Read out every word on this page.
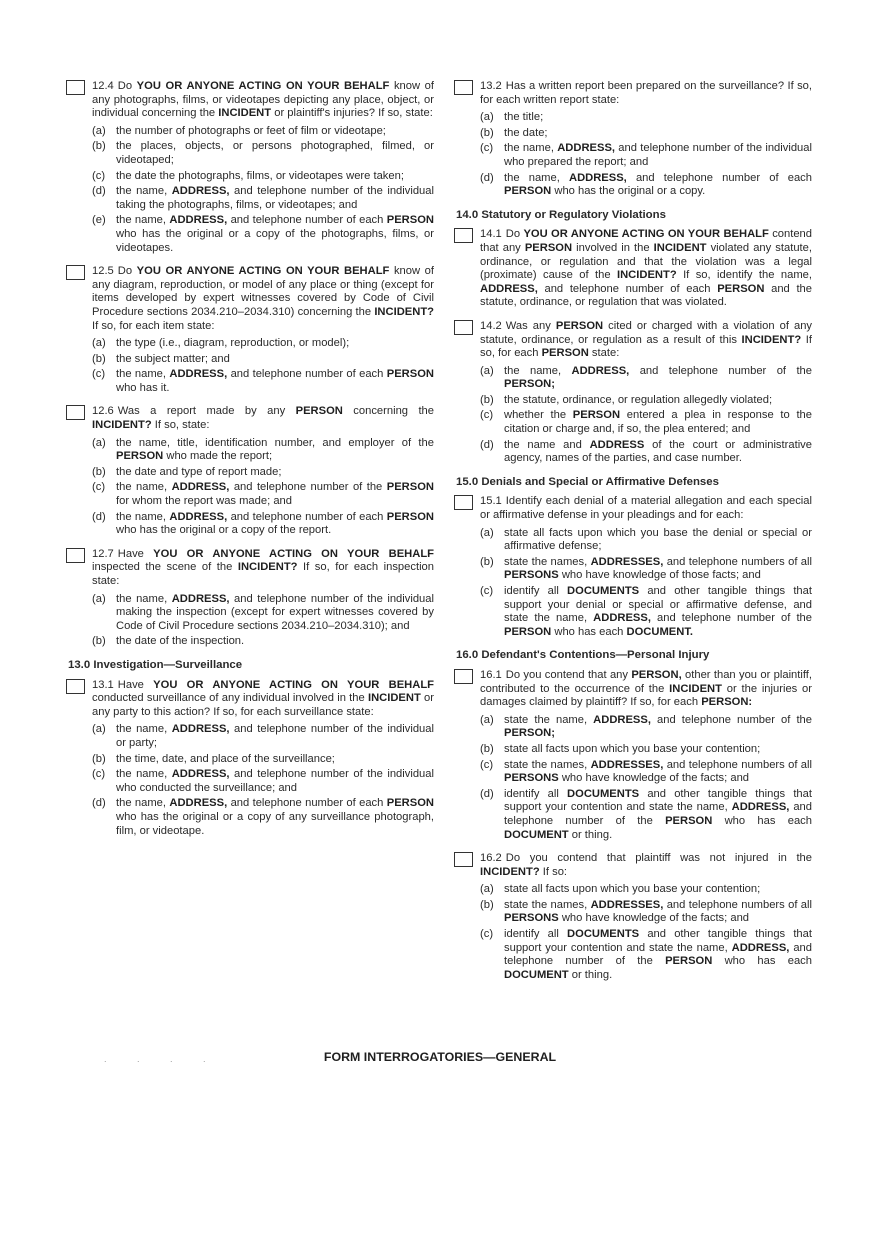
12.4 Do YOU OR ANYONE ACTING ON YOUR BEHALF know of any photographs, films, or videotapes depicting any place, object, or individual concerning the INCIDENT or plaintiff's injuries? If so, state:
(a) the number of photographs or feet of film or videotape;
(b) the places, objects, or persons photographed, filmed, or videotaped;
(c) the date the photographs, films, or videotapes were taken;
(d) the name, ADDRESS, and telephone number of the individual taking the photographs, films, or videotapes; and
(e) the name, ADDRESS, and telephone number of each PERSON who has the original or a copy of the photographs, films, or videotapes.
12.5 Do YOU OR ANYONE ACTING ON YOUR BEHALF know of any diagram, reproduction, or model of any place or thing (except for items developed by expert witnesses covered by Code of Civil Procedure sections 2034.210–2034.310) concerning the INCIDENT? If so, for each item state:
(a) the type (i.e., diagram, reproduction, or model);
(b) the subject matter; and
(c) the name, ADDRESS, and telephone number of each PERSON who has it.
12.6 Was a report made by any PERSON concerning the INCIDENT? If so, state:
(a) the name, title, identification number, and employer of the PERSON who made the report;
(b) the date and type of report made;
(c) the name, ADDRESS, and telephone number of the PERSON for whom the report was made; and
(d) the name, ADDRESS, and telephone number of each PERSON who has the original or a copy of the report.
12.7 Have YOU OR ANYONE ACTING ON YOUR BEHALF inspected the scene of the INCIDENT? If so, for each inspection state:
(a) the name, ADDRESS, and telephone number of the individual making the inspection (except for expert witnesses covered by Code of Civil Procedure sections 2034.210–2034.310); and
(b) the date of the inspection.
13.0 Investigation—Surveillance
13.1 Have YOU OR ANYONE ACTING ON YOUR BEHALF conducted surveillance of any individual involved in the INCIDENT or any party to this action? If so, for each surveillance state:
(a) the name, ADDRESS, and telephone number of the individual or party;
(b) the time, date, and place of the surveillance;
(c) the name, ADDRESS, and telephone number of the individual who conducted the surveillance; and
(d) the name, ADDRESS, and telephone number of each PERSON who has the original or a copy of any surveillance photograph, film, or videotape.
13.2 Has a written report been prepared on the surveillance? If so, for each written report state:
(a) the title;
(b) the date;
(c) the name, ADDRESS, and telephone number of the individual who prepared the report; and
(d) the name, ADDRESS, and telephone number of each PERSON who has the original or a copy.
14.0 Statutory or Regulatory Violations
14.1 Do YOU OR ANYONE ACTING ON YOUR BEHALF contend that any PERSON involved in the INCIDENT violated any statute, ordinance, or regulation and that the violation was a legal (proximate) cause of the INCIDENT? If so, identify the name, ADDRESS, and telephone number of each PERSON and the statute, ordinance, or regulation that was violated.
14.2 Was any PERSON cited or charged with a violation of any statute, ordinance, or regulation as a result of this INCIDENT? If so, for each PERSON state:
(a) the name, ADDRESS, and telephone number of the PERSON;
(b) the statute, ordinance, or regulation allegedly violated;
(c) whether the PERSON entered a plea in response to the citation or charge and, if so, the plea entered; and
(d) the name and ADDRESS of the court or administrative agency, names of the parties, and case number.
15.0 Denials and Special or Affirmative Defenses
15.1 Identify each denial of a material allegation and each special or affirmative defense in your pleadings and for each:
(a) state all facts upon which you base the denial or special or affirmative defense;
(b) state the names, ADDRESSES, and telephone numbers of all PERSONS who have knowledge of those facts; and
(c) identify all DOCUMENTS and other tangible things that support your denial or special or affirmative defense, and state the name, ADDRESS, and telephone number of the PERSON who has each DOCUMENT.
16.0 Defendant's Contentions—Personal Injury
16.1 Do you contend that any PERSON, other than you or plaintiff, contributed to the occurrence of the INCIDENT or the injuries or damages claimed by plaintiff? If so, for each PERSON:
(a) state the name, ADDRESS, and telephone number of the PERSON;
(b) state all facts upon which you base your contention;
(c) state the names, ADDRESSES, and telephone numbers of all PERSONS who have knowledge of the facts; and
(d) identify all DOCUMENTS and other tangible things that support your contention and state the name, ADDRESS, and telephone number of the PERSON who has each DOCUMENT or thing.
16.2 Do you contend that plaintiff was not injured in the INCIDENT? If so:
(a) state all facts upon which you base your contention;
(b) state the names, ADDRESSES, and telephone numbers of all PERSONS who have knowledge of the facts; and
(c) identify all DOCUMENTS and other tangible things that support your contention and state the name, ADDRESS, and telephone number of the PERSON who has each DOCUMENT or thing.
. . . .	FORM INTERROGATORIES—GENERAL
